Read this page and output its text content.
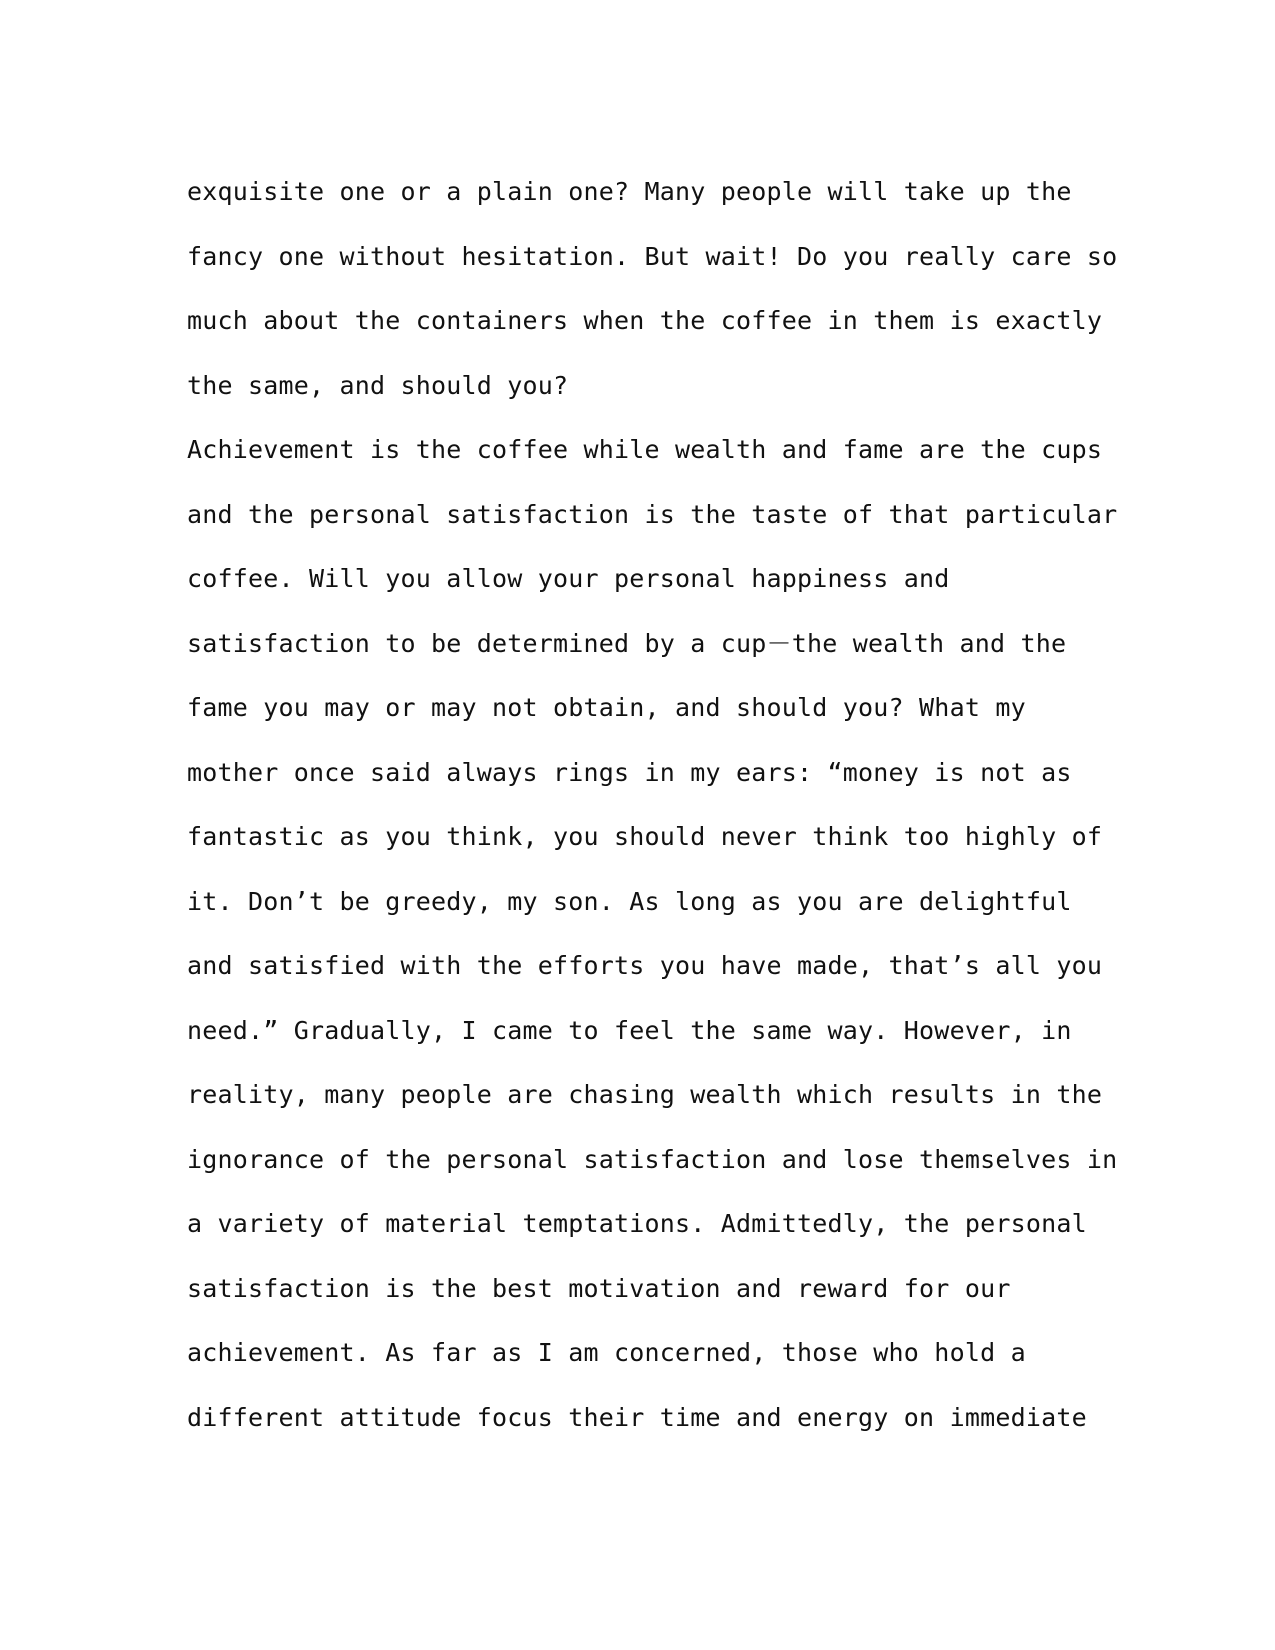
exquisite one or a plain one? Many people will take up the
fancy one without hesitation. But wait! Do you really care so
much about the containers when the coffee in them is exactly
the same, and should you?
Achievement is the coffee while wealth and fame are the cups
and the personal satisfaction is the taste of that particular
coffee. Will you allow your personal happiness and
satisfaction to be determined by a cup－the wealth and the
fame you may or may not obtain, and should you? What my
mother once said always rings in my ears: “money is not as
fantastic as you think, you should never think too highly of
it. Don’t be greedy, my son. As long as you are delightful
and satisfied with the efforts you have made, that’s all you
need.” Gradually, I came to feel the same way. However, in
reality, many people are chasing wealth which results in the
ignorance of the personal satisfaction and lose themselves in
a variety of material temptations. Admittedly, the personal
satisfaction is the best motivation and reward for our
achievement. As far as I am concerned, those who hold a
different attitude focus their time and energy on immediate
